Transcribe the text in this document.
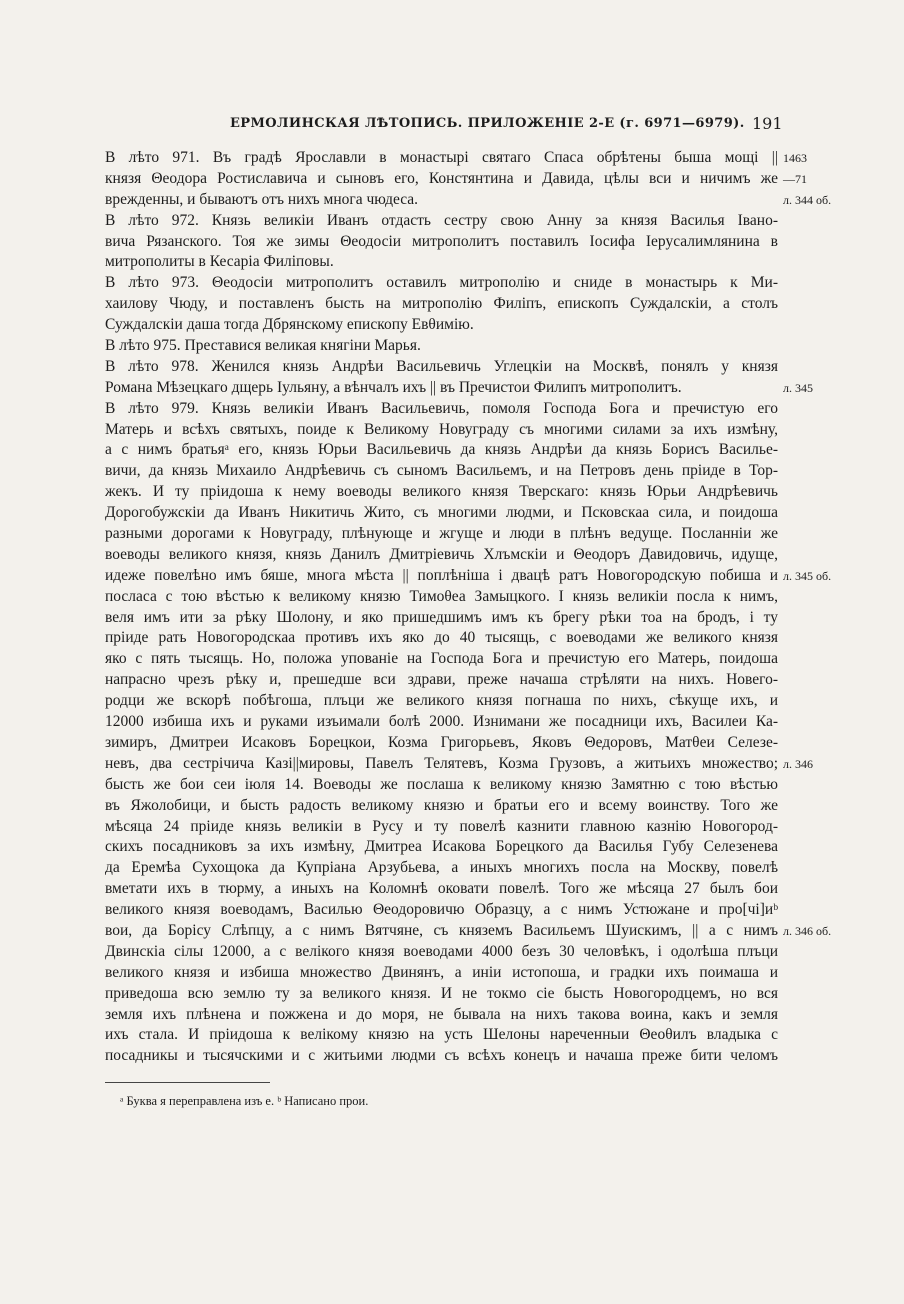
ЕРМОЛИНСКАЯ ЛѢТОПИСЬ. ПРИЛОЖЕНIЕ 2-Е (г. 6971—6979). 191
В лѣто 971. Въ градѣ Ярославли в монастырі святаго Спаса обрѣтены быша мощі ||
князя Θеодора Ростиславича и сыновъ его, Констянтина и Давида, цѣлы вси и ничимъ же
врежденны, и бываютъ отъ нихъ многа чюдеса.
В лѣто 972. Князь великіи Иванъ отдасть сестру свою Анну за князя Василья Івано-
вича Рязанского. Тоя же зимы Θеодосіи митрополитъ поставилъ Іосифа Іерусалимлянина в
митрополиты в Кесаріа Филіповы.
В лѣто 973. Θеодосіи митрополитъ оставилъ митрополію и сниде в монастырь к Ми-
хаилову Чюду, и поставленъ бысть на митрополію Филіпъ, епископъ Суждалскіи, а столъ
Суждалскіи даша тогда Дбрянскому епископу Евθимію.
В лѣто 975. Преставися великая княгіни Марья.
В лѣто 978. Женился князь Андрѣи Васильевичь Углецкіи на Москвѣ, понялъ у князя
Романа Мѣзецкаго дщерь Іульяну, а вѣнчалъ ихъ || въ Пречистои Филипъ митрополитъ.
В лѣто 979. Князь великіи Иванъ Васильевичь, помоля Господа Бога и пречистую его
Матерь и всѣхъ святыхъ, поиде к Великому Новуграду съ многими силами за ихъ измѣну,
а с нимъ братьяᵃ его, князь Юрьи Васильевичь да князь Андрѣи да князь Борисъ Василье-
вичи, да князь Михаило Андрѣевичь съ сыномъ Васильемъ, и на Петровъ день пріиде в Тор-
жекъ. И ту пріидоша к нему воеводы великого князя Тверскаго: князь Юрьи Андрѣевичь
Дорогобужскіи да Иванъ Никитичь Жито, съ многими людми, и Псковскаа сила, и поидоша
разными дорогами к Новуграду, плѣнующе и жгуще и люди в плѣнъ ведуще. Посланніи же
воеводы великого князя, князь Данилъ Дмитріевичь Хлъмскіи и Θеодоръ Давидовичь, идуще,
идеже повелѣно имъ бяше, многа мѣста || поплѣніша і двацѣ ратъ Новогородскую побиша и
посласа с тою вѣстью к великому князю Тимоθеа Замыцкого. І князь великіи посла к нимъ,
веля имъ ити за рѣку Шолону, и яко пришедшимъ имъ къ брегу рѣки тоа на бродъ, і ту
пріиде рать Новогородскаа противъ ихъ яко до 40 тысящь, с воеводами же великого князя
яко с пять тысящь. Но, положа упованіе на Господа Бога и пречистую его Матерь, поидоша
напрасно чрезъ рѣку и, прешедше вси здрави, преже начаша стрѣляти на нихъ. Новего-
родци же вскорѣ побѣгоша, плъци же великого князя погнаша по нихъ, сѣкуще ихъ, и
12000 избиша ихъ и руками изъимали болѣ 2000. Изнимани же посадници ихъ, Василеи Ка-
зимиръ, Дмитреи Исаковъ Борецкои, Козма Григорьевъ, Яковъ Θедоровъ, Матθеи Селезе-
невъ, два сестрічича Казі||мировы, Павелъ Телятевъ, Козма Грузовъ, а житьихъ множество;
бысть же бои сеи іюля 14. Воеводы же послаша к великому князю Замятню с тою вѣстью
въ Яжолобици, и бысть радость великому князю и братьи его и всему воинству. Того же
мѣсяца 24 пріиде князь великіи в Русу и ту повелѣ казнити главною казнію Новогород-
скихъ посадниковъ за ихъ измѣну, Дмитреа Исакова Борецкого да Василья Губу Селезенева
да Еремѣа Сухощока да Купріана Арзубьева, а иныхъ многихъ посла на Москву, повелѣ
вметати ихъ в тюрму, а иныхъ на Коломнѣ оковати повелѣ. Того же мѣсяца 27 былъ бои
великого князя воеводамъ, Василью Θеодоровичю Образцу, а с нимъ Устюжане и про[чі]иᵇ
вои, да Борісу Слѣпцу, а с нимъ Вятчяне, съ княземъ Васильемъ Шуискимъ, || а с нимъ
Двинскіа сілы 12000, а с велікого князя воеводами 4000 безъ 30 человѣкъ, і одолѣша плъци
великого князя и избиша множество Двинянъ, а иніи истопоша, и градки ихъ поимаша и
приведоша всю землю ту за великого князя. И не токмо сіе бысть Новогородцемъ, но вся
земля ихъ плѣнена и пожжена и до моря, не бывала на нихъ такова воина, какъ и земля
ихъ стала. И пріидоша к велікому князю на усть Шелоны нареченныи Θеоθилъ владыка с
посадникы и тысячскими и с житьими людми съ всѣхъ конецъ и начаша преже бити челомъ
1463
—71
л. 344 об.
л. 345
л. 345 об.
л. 346
л. 346 об.
ᵃ Буква я переправлена изъ е. ᵇ Написано прои.
